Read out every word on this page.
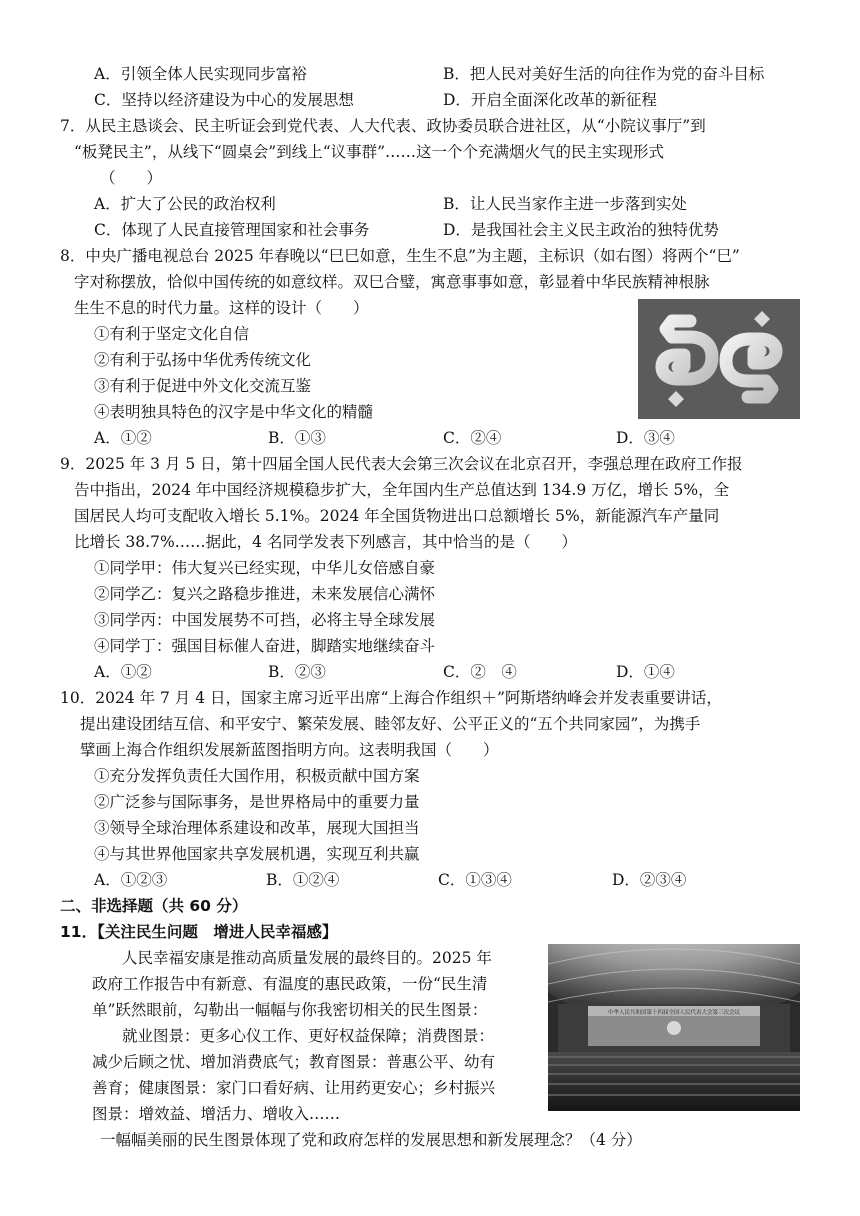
A．引领全体人民实现同步富裕	B．把人民对美好生活的向往作为党的奋斗目标
C．坚持以经济建设为中心的发展思想	D．开启全面深化改革的新征程
7．从民主恳谈会、民主听证会到党代表、人大代表、政协委员联合进社区，从“小院议事厅”到
“板凳民主”，从线下“圆桌会”到线上“议事群”……这一个个充满烟火气的民主实现形式
（　　）
A．扩大了公民的政治权利	B．让人民当家作主进一步落到实处
C．体现了人民直接管理国家和社会事务	D．是我国社会主义民主政治的独特优势
8．中央广播电视总台 2025 年春晚以“巳巳如意，生生不息”为主题，主标识（如右图）将两个“巳”
字对称摆放，恰似中国传统的如意纹样。双巳合璧，寓意事事如意，彰显着中华民族精神根脉
生生不息的时代力量。这样的设计（　　）
①有利于坚定文化自信
②有利于弘扬中华优秀传统文化
③有利于促进中外文化交流互鉴
④表明独具特色的汉字是中华文化的精髓
A．①②	B．①③	C．②④	D．③④
9．2025 年 3 月 5 日，第十四届全国人民代表大会第三次会议在北京召开，李强总理在政府工作报
告中指出，2024 年中国经济规模稳步扩大，全年国内生产总值达到 134.9 万亿，增长 5%，全
国居民人均可支配收入增长 5.1%。2024 年全国货物进出口总额增长 5%，新能源汽车产量同
比增长 38.7%……据此，4 名同学发表下列感言，其中恰当的是（　　）
①同学甲：伟大复兴已经实现，中华儿女倍感自豪
②同学乙：复兴之路稳步推进，未来发展信心满怀
③同学丙：中国发展势不可挡，必将主导全球发展
④同学丁：强国目标催人奋进，脚踏实地继续奋斗
A．①②	B．②③	C．②　④	D．①④
10．2024 年 7 月 4 日，国家主席习近平出席“上海合作组织＋”阿斯塔纳峰会并发表重要讲话，
提出建设团结互信、和平安宁、繁荣发展、睦邻友好、公平正义的“五个共同家园”，为携手
擘画上海合作组织发展新蓝图指明方向。这表明我国（　　）
①充分发挥负责任大国作用，积极贡献中国方案
②广泛参与国际事务，是世界格局中的重要力量
③领导全球治理体系建设和改革，展现大国担当
④与其世界他国家共享发展机遇，实现互利共赢
A．①②③	B．①②④	C．①③④	D．②③④
二、非选择题（共 60 分）
11．【关注民生问题　增进人民幸福感】
人民幸福安康是推动高质量发展的最终目的。2025 年
政府工作报告中有新意、有温度的惠民政策，一份“民生清
单”跃然眼前，勾勒出一幅幅与你我密切相关的民生图景：
就业图景：更多心仪工作、更好权益保障；消费图景：
减少后顾之忧、增加消费底气；教育图景：普惠公平、幼有
善育；健康图景：家门口看好病、让用药更安心；乡村振兴
图景：增效益、增活力、增收入……
一幅幅美丽的民生图景体现了党和政府怎样的发展思想和新发展理念？（4 分）
中华人民共和国第十四届全国人民代表大会第三次会议
